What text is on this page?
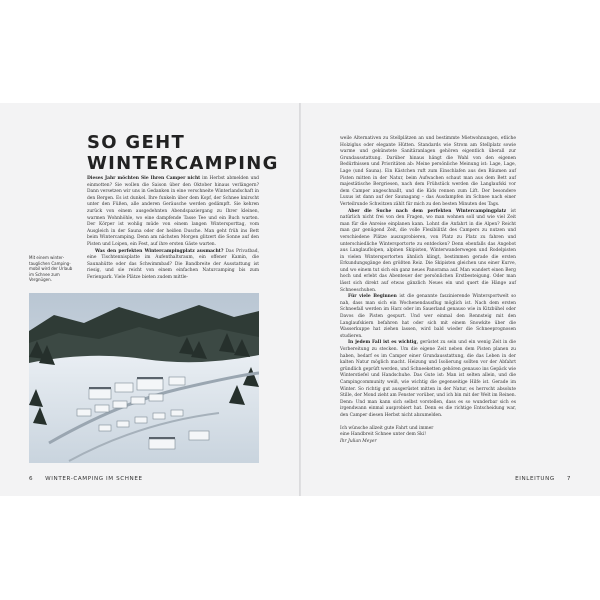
SO GEHT
WINTERCAMPING

Dieses Jahr möchten Sie Ihren Camper nicht im Herbst abmelden und einmotten? Sie wollen die Saison über den Oktober hinaus verlängern? Dann versetzen wir uns in Gedanken in eine verschneite Winterlandschaft in den Bergen. Es ist dunkel. Ihre funkeln über dem Kopf, der Schnee knirscht unter den Füßen, alle anderen Geräusche werden gedämpft. Sie kehren zurück von einem ausgedehnten Abendspaziergang zu Ihrer kleinen, warmen Wohnhöhle, wo eine dampfende Tasse Tee und ein Buch warten. Der Körper ist wohlig müde von einem langen Wintersporttag, vom Ausgleich in der Sauna oder der heißen Dusche. Man geht früh ins Bett beim Wintercamping. Denn am nächsten Morgen glitzert die Sonne auf den Pisten und Loipen, ein Fest, auf ihre ersten Gäste warten.

Was den perfekten Wintercampingplatz ausmacht? Das Privatbad, eine Tischtennisplatte im Aufenthaltsraum, ein offener Kamin, die Saunahütte oder das Schwimmbad? Die Bandbreite der Ausstattung ist riesig, und sie reicht von einem einfachen Naturcamping bis zum Ferienpark. Viele Plätze bieten zudem mittle-

Mit einem wintertauglichen Campingmobil wird der Urlaub im Schnee zum Vergnügen.

weile Alternativen zu Stellplätzen an und bestimmte Mietwohnungen, etliche Holziglus oder elegante Hütten. Standards wie Strom am Stellplatz sowie warme und gekünstete Sanitäranlagen gehören eigentlich überall zur Grundausstattung. Darüber hinaus hängt die Wahl von den eigenen Bedürfnissen und Prioritäten ab: Meine persönliche Meinung ist: Lage, Lage, Lage (und Sauna). Ein Kästchen ruft zum Einschlafen aus den Bäumen auf Pisten mitten in der Natur, beim Aufwachen schaut man aus dem Bett auf majestätische Bergriesen, nach dem Frühstück werden die Langlaufski vor dem Camper angeschnallt, und die Kids rennen zum Lift. Der besondere Luxus ist dann auf der Saunagang – das Ausdampfen im Schnee nach einer Verteilrunde Schwitzen zählt für mich zu den besten Minuten des Tags.

Aber die Suche nach dem perfekten Wintercampingplatz ist natürlich nicht frei von den Fragen, wo man wohnen soll und wie viel Zeit man für die Anreise einplanen kann. Lohnt die Anfahrt in die Alpen? Reicht man gar genügend Zeit, die volle Flexibilität des Campers zu nutzen und verschiedene Plätze auszuprobieren, von Platz zu Platz zu fahren und unterschiedliche Wintersportorte zu entdecken? Denn ebenfalls das Angebot aus Langlaufloipen, alpinen Skipisten, Winterwanderwegen und Rodelpisten in vielen Wintersportorten ähnlich klingt, bestimmen gerade die ersten Erkundungsgänge den größten Reiz. Die Skipisten gleichen uns einer Kurve, und wo einem tut sich ein ganz neues Panorama auf. Man wandert einen Berg hoch und erlebt das Abenteuer der persönlichen Erstbesteigung. Oder man lässt sich direkt auf etwas gänzlich Neues ein und quert die Hänge auf Schneeschuhen.

Für viele Beginnen ist die genannte faszinierende Wintersportwelt so nah, dass man sich ein Wochenendausflug möglich ist. Nach dem ersten Schneefall werden im Harz oder im Sauerland genauso wie in Kitzbühel oder Davos die Pisten gespurt. Und wer einmal den Rennsteig mit den Langlaufskiern befahren hat oder sich mit einem Snowkite über die Wasserkuppe hat ziehen lassen, wird bald wieder die Schneeprognosen studieren.

In jedem Fall ist es wichtig, gerüstet zu sein und ein wenig Zeit in die Vorbereitung zu stecken. Um die eigene Zeit neben dem Pisten planen zu haben, bedarf es im Camper einer Grundausstattung, die das Leben in der kalten Natur möglich macht. Heizung und Isolierung sollten vor der Abfahrt gründlich geprüft werden, und Schneeketten gehören genauso ins Gepäck wie Winterstiefel und Handschuhe. Das Gute ist: Man ist selten allein, und die Campingcommunity weiß, wie wichtig die gegenseitige Hilfe ist. Gerade im Winter. So richtig gut ausgerüstet mitten in der Natur, es herrscht absolute Stille, der Mond zieht am Fenster vorüber, und ich bin mit der Welt im Reinen. Denn: Und man kann sich selbst vorstellen, dass es so wunderbar sich es irgendwann einmal ausprobiert hat. Denn es die richtige Entscheidung war, den Camper diesen Herbst nicht abzumelden.

Ich wünsche allzeit gute Fahrt und immer

eine Handbreit Schnee unter dem Ski!

Ihr Julian Meyer

6 WINTER-CAMPING IM SCHNEE	EINLEITUNG 7
